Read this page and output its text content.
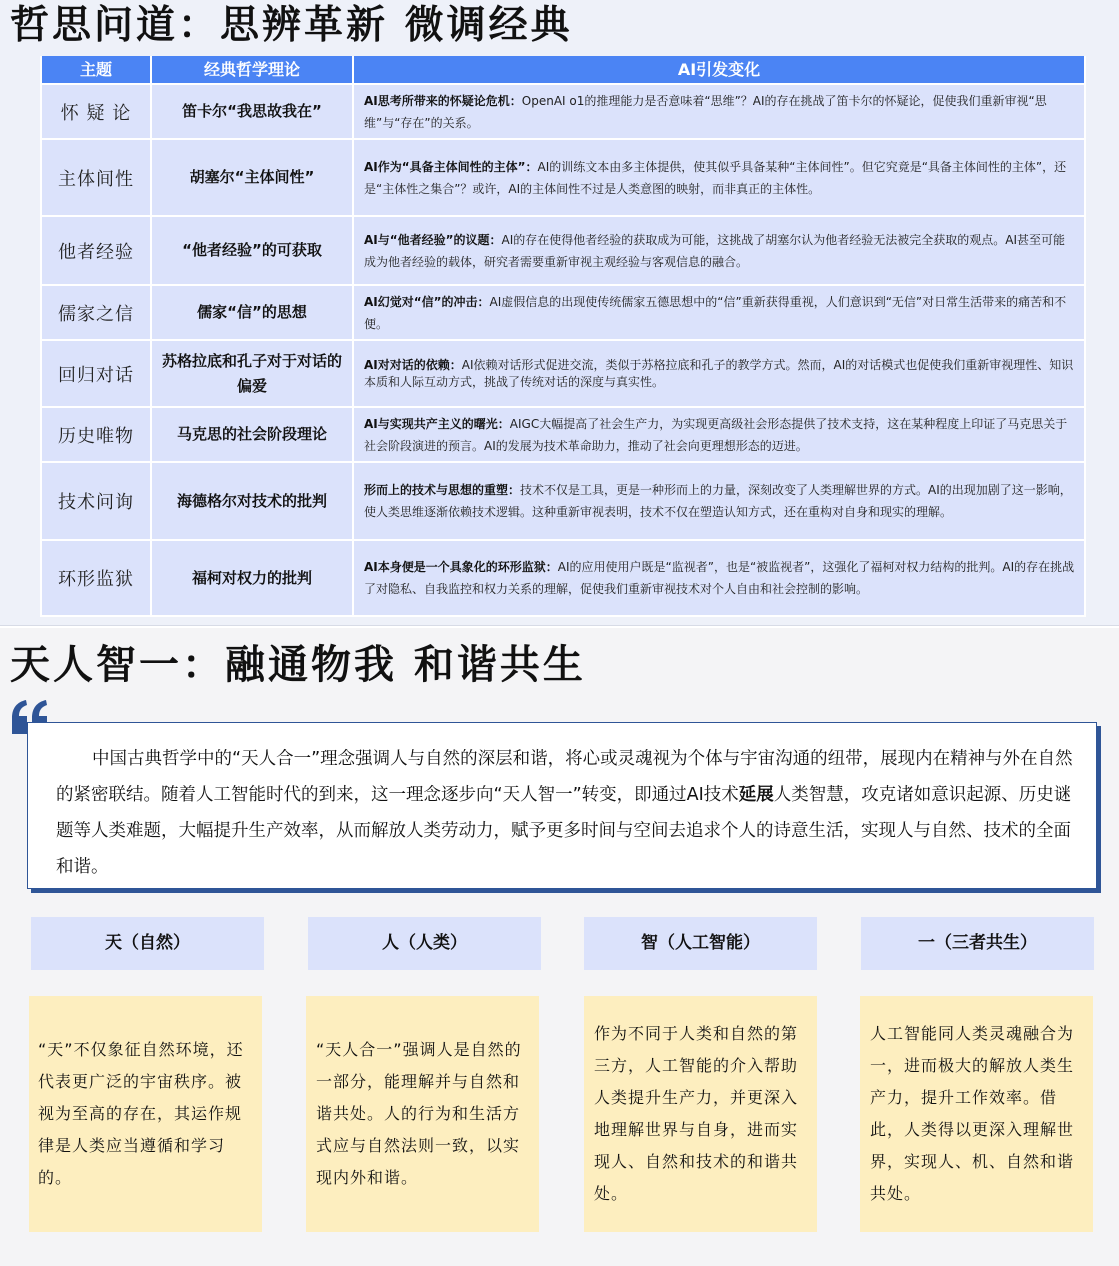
哲思问道：思辨革新 微调经典
主题	经典哲学理论	AI引发变化
怀 疑 论	笛卡尔“我思故我在”	AI思考所带来的怀疑论危机：OpenAI o1的推理能力是否意味着“思维”？AI的存在挑战了笛卡尔的怀疑论，促使我们重新审视“思维”与“存在”的关系。
主体间性	胡塞尔“主体间性”	AI作为“具备主体间性的主体”：AI的训练文本由多主体提供，使其似乎具备某种“主体间性”。但它究竟是“具备主体间性的主体”，还是“主体性之集合”？或许，AI的主体间性不过是人类意图的映射，而非真正的主体性。
他者经验	“他者经验”的可获取	AI与“他者经验”的议题：AI的存在使得他者经验的获取成为可能，这挑战了胡塞尔认为他者经验无法被完全获取的观点。AI甚至可能成为他者经验的载体，研究者需要重新审视主观经验与客观信息的融合。
儒家之信	儒家“信”的思想	AI幻觉对“信”的冲击：AI虚假信息的出现使传统儒家五德思想中的“信”重新获得重视，人们意识到“无信”对日常生活带来的痛苦和不便。
回归对话	苏格拉底和孔子对于对话的偏爱	AI对对话的依赖：AI依赖对话形式促进交流，类似于苏格拉底和孔子的教学方式。然而，AI的对话模式也促使我们重新审视理性、知识本质和人际互动方式，挑战了传统对话的深度与真实性。
历史唯物	马克思的社会阶段理论	AI与实现共产主义的曙光：AIGC大幅提高了社会生产力，为实现更高级社会形态提供了技术支持，这在某种程度上印证了马克思关于社会阶段演进的预言。AI的发展为技术革命助力，推动了社会向更理想形态的迈进。
技术问询	海德格尔对技术的批判	形而上的技术与思想的重塑：技术不仅是工具，更是一种形而上的力量，深刻改变了人类理解世界的方式。AI的出现加剧了这一影响，使人类思维逐渐依赖技术逻辑。这种重新审视表明，技术不仅在塑造认知方式，还在重构对自身和现实的理解。
环形监狱	福柯对权力的批判	AI本身便是一个具象化的环形监狱：AI的应用使用户既是“监视者”，也是“被监视者”，这强化了福柯对权力结构的批判。AI的存在挑战了对隐私、自我监控和权力关系的理解，促使我们重新审视技术对个人自由和社会控制的影响。
天人智一：融通物我 和谐共生
中国古典哲学中的“天人合一”理念强调人与自然的深层和谐，将心或灵魂视为个体与宇宙沟通的纽带，展现内在精神与外在自然的紧密联结。随着人工智能时代的到来，这一理念逐步向“天人智一”转变，即通过AI技术延展人类智慧，攻克诸如意识起源、历史谜题等人类难题，大幅提升生产效率，从而解放人类劳动力，赋予更多时间与空间去追求个人的诗意生活，实现人与自然、技术的全面和谐。
天（自然）	人（人类）	智（人工智能）	一（三者共生）
“天”不仅象征自然环境，还代表更广泛的宇宙秩序。被视为至高的存在，其运作规律是人类应当遵循和学习的。
“天人合一”强调人是自然的一部分，能理解并与自然和谐共处。人的行为和生活方式应与自然法则一致，以实现内外和谐。
作为不同于人类和自然的第三方，人工智能的介入帮助人类提升生产力，并更深入地理解世界与自身，进而实现人、自然和技术的和谐共处。
人工智能同人类灵魂融合为一，进而极大的解放人类生产力，提升工作效率。借此，人类得以更深入理解世界，实现人、机、自然和谐共处。
